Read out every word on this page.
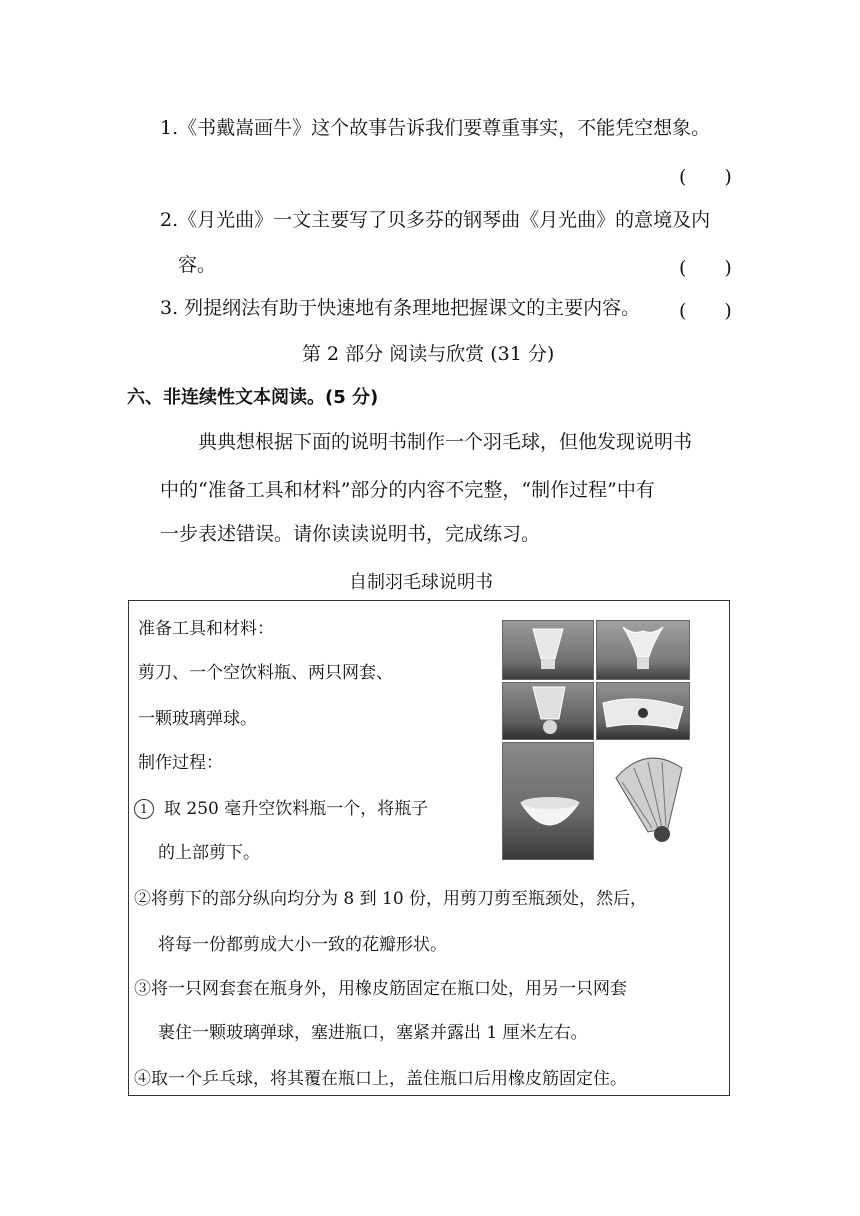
1.《书戴嵩画牛》这个故事告诉我们要尊重事实，不能凭空想象。
(　　)
2.《月光曲》一文主要写了贝多芬的钢琴曲《月光曲》的意境及内
容。	(　　)
3. 列提纲法有助于快速地有条理地把握课文的主要内容。 (　　)
第 2 部分 阅读与欣赏 (31 分)
六、非连续性文本阅读。(5 分)
典典想根据下面的说明书制作一个羽毛球，但他发现说明书
中的“准备工具和材料”部分的内容不完整，“制作过程”中有
一步表述错误。请你读读说明书，完成练习。
自制羽毛球说明书
准备工具和材料：
剪刀、一个空饮料瓶、两只网套、
一颗玻璃弹球。
制作过程：
1 取 250 毫升空饮料瓶一个，将瓶子
的上部剪下。
②将剪下的部分纵向均分为 8 到 10 份，用剪刀剪至瓶颈处，然后，
将每一份都剪成大小一致的花瓣形状。
③将一只网套套在瓶身外，用橡皮筋固定在瓶口处，用另一只网套
裹住一颗玻璃弹球，塞进瓶口，塞紧并露出 1 厘米左右。
④取一个乒乓球，将其覆在瓶口上，盖住瓶口后用橡皮筋固定住。
